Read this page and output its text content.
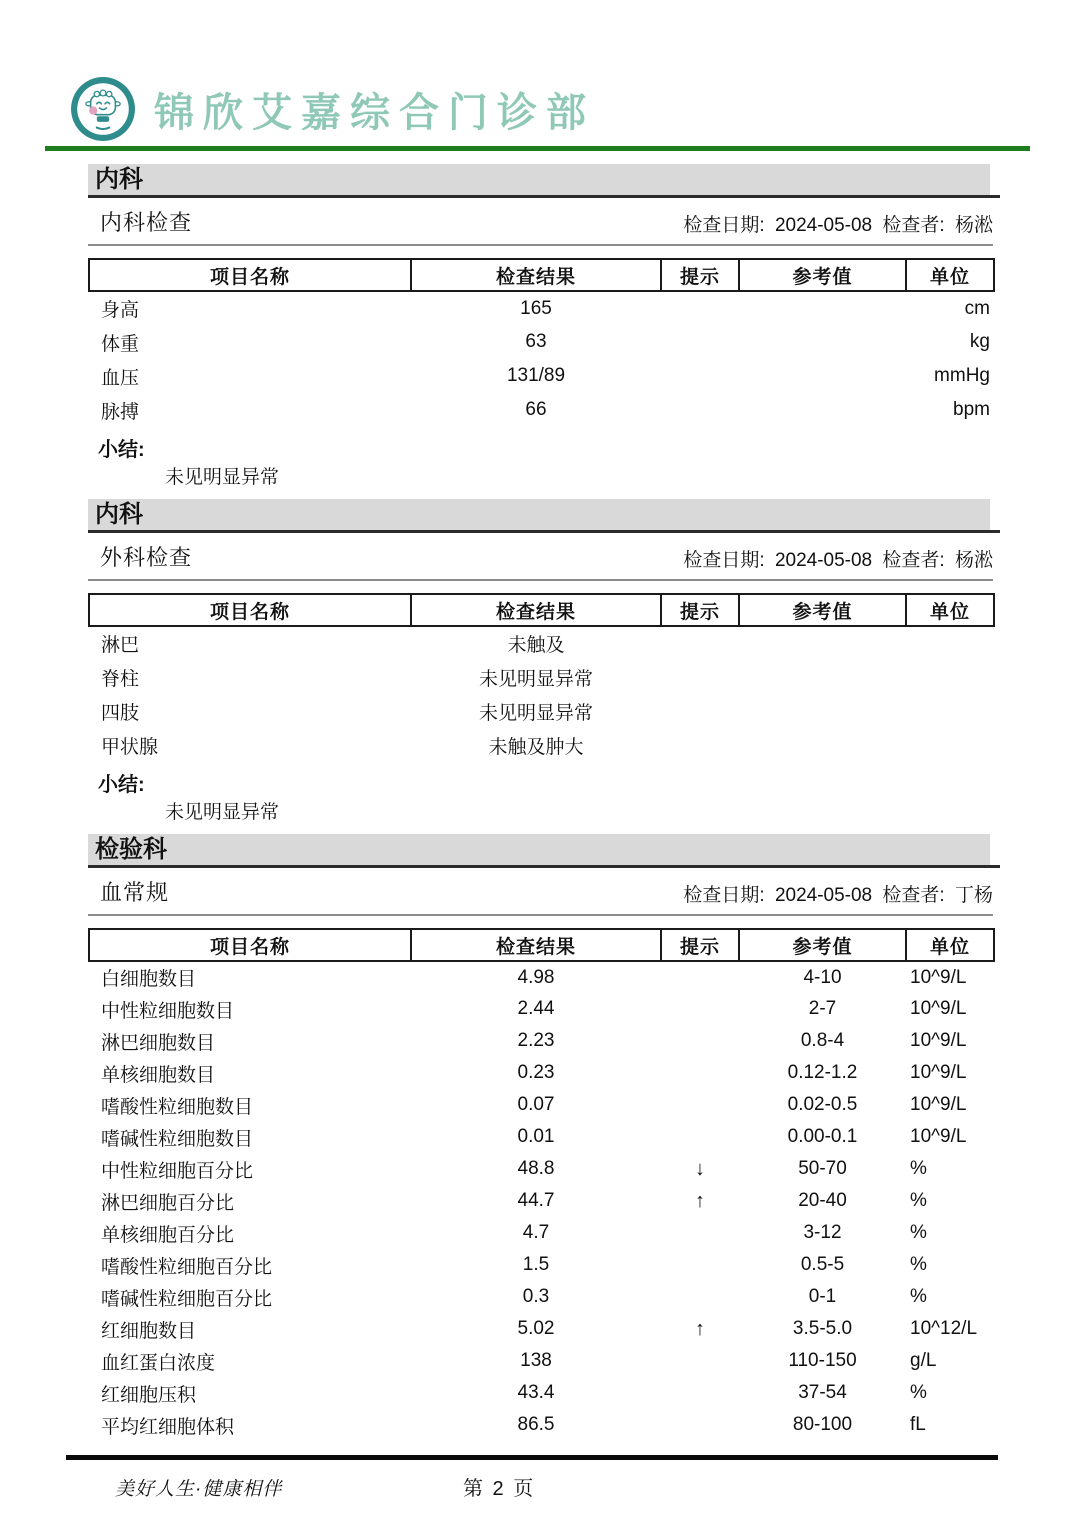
锦欣艾嘉综合门诊部
内科
内科检查	检查日期: 2024-05-08 检查者: 杨淞
项目名称	检查结果	提示	参考值	单位
身高	165			cm
体重	63			kg
血压	131/89			mmHg
脉搏	66			bpm
小结:
未见明显异常
内科
外科检查	检查日期: 2024-05-08 检查者: 杨淞
项目名称	检查结果	提示	参考值	单位
淋巴	未触及			
脊柱	未见明显异常			
四肢	未见明显异常			
甲状腺	未触及肿大			
小结:
未见明显异常
检验科
血常规	检查日期: 2024-05-08 检查者: 丁杨
项目名称	检查结果	提示	参考值	单位
白细胞数目	4.98		4-10	10^9/L
中性粒细胞数目	2.44		2-7	10^9/L
淋巴细胞数目	2.23		0.8-4	10^9/L
单核细胞数目	0.23		0.12-1.2	10^9/L
嗜酸性粒细胞数目	0.07		0.02-0.5	10^9/L
嗜碱性粒细胞数目	0.01		0.00-0.1	10^9/L
中性粒细胞百分比	48.8	↓	50-70	%
淋巴细胞百分比	44.7	↑	20-40	%
单核细胞百分比	4.7		3-12	%
嗜酸性粒细胞百分比	1.5		0.5-5	%
嗜碱性粒细胞百分比	0.3		0-1	%
红细胞数目	5.02	↑	3.5-5.0	10^12/L
血红蛋白浓度	138		110-150	g/L
红细胞压积	43.4		37-54	%
平均红细胞体积	86.5		80-100	fL
美好人生·健康相伴	第 2 页
